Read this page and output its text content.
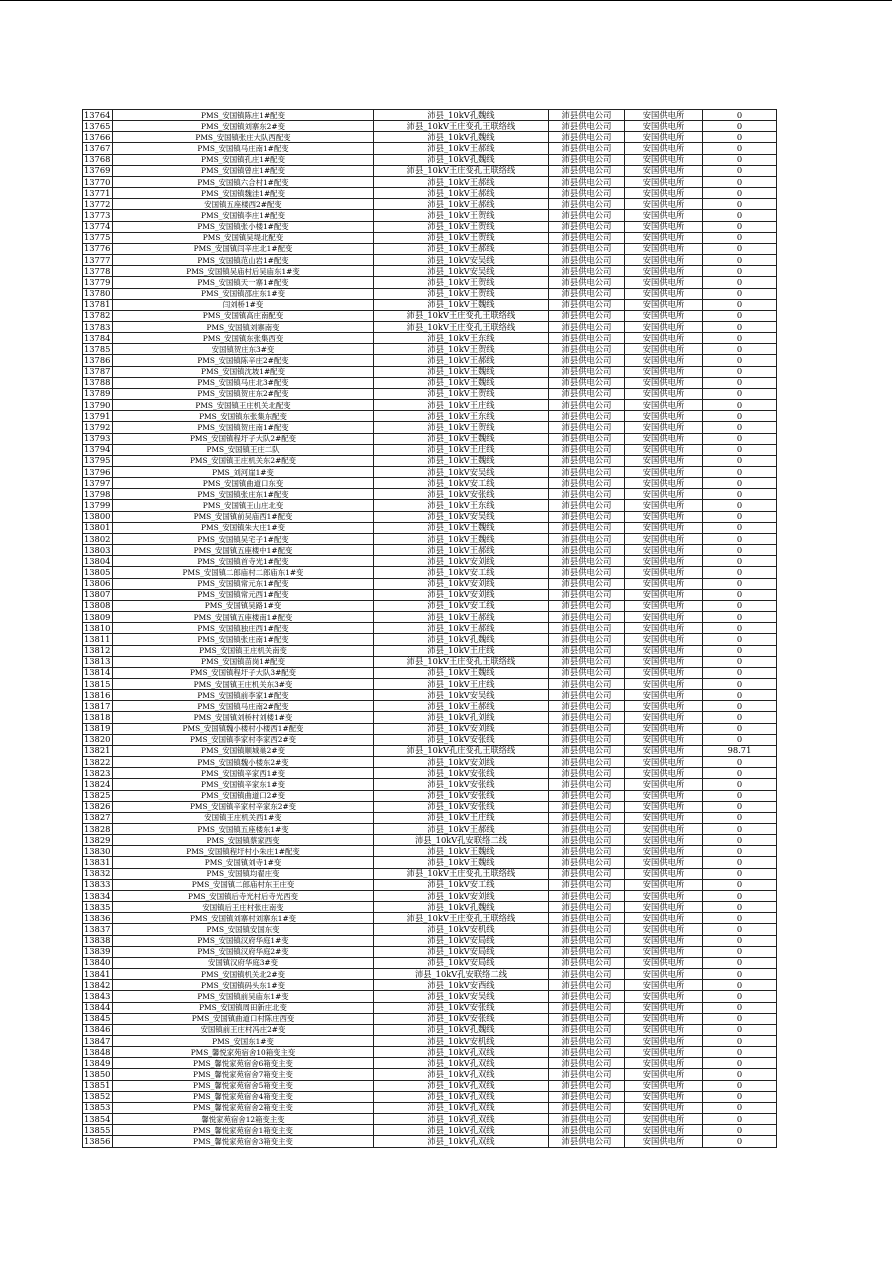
13764	PMS_安国镇陈庄1#配变	沛县_10kV孔魏线	沛县供电公司	安国供电所	0
13765	PMS_安国镇刘寨东2#变	沛县_10kV王庄变孔王联络线	沛县供电公司	安国供电所	0
13766	PMS_安国镇张庄大队西配变	沛县_10kV孔魏线	沛县供电公司	安国供电所	0
13767	PMS_安国镇马庄南1#配变	沛县_10kV王郝线	沛县供电公司	安国供电所	0
13768	PMS_安国镇孔庄1#配变	沛县_10kV孔魏线	沛县供电公司	安国供电所	0
13769	PMS_安国镇曾庄1#配变	沛县_10kV王庄变孔王联络线	沛县供电公司	安国供电所	0
13770	PMS_安国镇六合村1#配变	沛县_10kV王郝线	沛县供电公司	安国供电所	0
13771	PMS_安国镇魏洼1#配变	沛县_10kV王郝线	沛县供电公司	安国供电所	0
13772	安国镇五座楼西2#配变	沛县_10kV王郝线	沛县供电公司	安国供电所	0
13773	PMS_安国镇李庄1#配变	沛县_10kV王贺线	沛县供电公司	安国供电所	0
13774	PMS_安国镇张小楼1#配变	沛县_10kV王贺线	沛县供电公司	安国供电所	0
13775	PMS_安国镇吴堤北配变	沛县_10kV王贺线	沛县供电公司	安国供电所	0
13776	PMS_安国镇闫辛庄北1#配变	沛县_10kV王郝线	沛县供电公司	安国供电所	0
13777	PMS_安国镇范山岩1#配变	沛县_10kV安吴线	沛县供电公司	安国供电所	0
13778	PMS_安国镇吴庙村后吴庙东1#变	沛县_10kV安吴线	沛县供电公司	安国供电所	0
13779	PMS_安国镇天一寨1#配变	沛县_10kV王贺线	沛县供电公司	安国供电所	0
13780	PMS_安国镇邵庄东1#变	沛县_10kV王贺线	沛县供电公司	安国供电所	0
13781	闫刘桥1#变	沛县_10kV王魏线	沛县供电公司	安国供电所	0
13782	PMS_安国镇高庄南配变	沛县_10kV王庄变孔王联络线	沛县供电公司	安国供电所	0
13783	PMS_安国镇刘寨南变	沛县_10kV王庄变孔王联络线	沛县供电公司	安国供电所	0
13784	PMS_安国镇东张集西变	沛县_10kV王东线	沛县供电公司	安国供电所	0
13785	安国镇贺庄东3#变	沛县_10kV王贺线	沛县供电公司	安国供电所	0
13786	PMS_安国镇陈辛庄2#配变	沛县_10kV王郝线	沛县供电公司	安国供电所	0
13787	PMS_安国镇沈坡1#配变	沛县_10kV王魏线	沛县供电公司	安国供电所	0
13788	PMS_安国镇马庄北3#配变	沛县_10kV王魏线	沛县供电公司	安国供电所	0
13789	PMS_安国镇贺庄东2#配变	沛县_10kV王贺线	沛县供电公司	安国供电所	0
13790	PMS_安国镇王庄机关北配变	沛县_10kV王庄线	沛县供电公司	安国供电所	0
13791	PMS_安国镇东张集东配变	沛县_10kV王东线	沛县供电公司	安国供电所	0
13792	PMS_安国镇贺庄南1#配变	沛县_10kV王贺线	沛县供电公司	安国供电所	0
13793	PMS_安国镇程圩子大队2#配变	沛县_10kV王魏线	沛县供电公司	安国供电所	0
13794	PMS_安国镇王庄二队	沛县_10kV王庄线	沛县供电公司	安国供电所	0
13795	PMS_安国镇王庄机关东2#配变	沛县_10kV王魏线	沛县供电公司	安国供电所	0
13796	PMS_刘河崖1#变	沛县_10kV安吴线	沛县供电公司	安国供电所	0
13797	PMS_安国镇曲道口东变	沛县_10kV安工线	沛县供电公司	安国供电所	0
13798	PMS_安国镇张庄东1#配变	沛县_10kV安张线	沛县供电公司	安国供电所	0
13799	PMS_安国镇王山庄北变	沛县_10kV王东线	沛县供电公司	安国供电所	0
13800	PMS_安国镇前吴庙西1#配变	沛县_10kV安吴线	沛县供电公司	安国供电所	0
13801	PMS_安国镇朱大庄1#变	沛县_10kV王魏线	沛县供电公司	安国供电所	0
13802	PMS_安国镇吴宅子1#配变	沛县_10kV王魏线	沛县供电公司	安国供电所	0
13803	PMS_安国镇五座楼中1#配变	沛县_10kV王郝线	沛县供电公司	安国供电所	0
13804	PMS_安国镇首寺光1#配变	沛县_10kV安刘线	沛县供电公司	安国供电所	0
13805	PMS_安国镇二郎庙村二郎庙东1#变	沛县_10kV安工线	沛县供电公司	安国供电所	0
13806	PMS_安国镇常元东1#配变	沛县_10kV安刘线	沛县供电公司	安国供电所	0
13807	PMS_安国镇常元西1#配变	沛县_10kV安刘线	沛县供电公司	安国供电所	0
13808	PMS_安国镇吴路1#变	沛县_10kV安工线	沛县供电公司	安国供电所	0
13809	PMS_安国镇五座楼南1#配变	沛县_10kV王郝线	沛县供电公司	安国供电所	0
13810	PMS_安国镇独庄西1#配变	沛县_10kV王郝线	沛县供电公司	安国供电所	0
13811	PMS_安国镇张庄南1#配变	沛县_10kV孔魏线	沛县供电公司	安国供电所	0
13812	PMS_安国镇王庄机关南变	沛县_10kV王庄线	沛县供电公司	安国供电所	0
13813	PMS_安国镇苗岗1#配变	沛县_10kV王庄变孔王联络线	沛县供电公司	安国供电所	0
13814	PMS_安国镇程圩子大队3#配变	沛县_10kV王魏线	沛县供电公司	安国供电所	0
13815	PMS_安国镇王庄机关东3#变	沛县_10kV王庄线	沛县供电公司	安国供电所	0
13816	PMS_安国镇前李家1#配变	沛县_10kV安吴线	沛县供电公司	安国供电所	0
13817	PMS_安国镇马庄南2#配变	沛县_10kV王郝线	沛县供电公司	安国供电所	0
13818	PMS_安国镇刘桥村刘楼1#变	沛县_10kV孔刘线	沛县供电公司	安国供电所	0
13819	PMS_安国镇魏小楼村小楼西1#配变	沛县_10kV安刘线	沛县供电公司	安国供电所	0
13820	PMS_安国镇李家村李家西2#变	沛县_10kV安张线	沛县供电公司	安国供电所	0
13821	PMS_安国镇顺城巢2#变	沛县_10kV孔庄变孔王联络线	沛县供电公司	安国供电所	98.71
13822	PMS_安国镇魏小楼东2#变	沛县_10kV安刘线	沛县供电公司	安国供电所	0
13823	PMS_安国镇辛家西1#变	沛县_10kV安张线	沛县供电公司	安国供电所	0
13824	PMS_安国镇辛家东1#变	沛县_10kV安张线	沛县供电公司	安国供电所	0
13825	PMS_安国镇曲道口2#变	沛县_10kV安张线	沛县供电公司	安国供电所	0
13826	PMS_安国镇辛家村辛家东2#变	沛县_10kV安张线	沛县供电公司	安国供电所	0
13827	安国镇王庄机关西1#变	沛县_10kV王庄线	沛县供电公司	安国供电所	0
13828	PMS_安国镇五座楼东1#变	沛县_10kV王郝线	沛县供电公司	安国供电所	0
13829	PMS_安国镇蔡家西变	沛县_10kV孔安联络二线	沛县供电公司	安国供电所	0
13830	PMS_安国镇程圩村小朱庄1#配变	沛县_10kV王魏线	沛县供电公司	安国供电所	0
13831	PMS_安国镇刘寺1#变	沛县_10kV王魏线	沛县供电公司	安国供电所	0
13832	PMS_安国镇均翟庄变	沛县_10kV王庄变孔王联络线	沛县供电公司	安国供电所	0
13833	PMS_安国镇二郎庙村东王庄变	沛县_10kV安工线	沛县供电公司	安国供电所	0
13834	PMS_安国镇后寺光村后寺光西变	沛县_10kV安刘线	沛县供电公司	安国供电所	0
13835	安国镇后王庄村张庄南变	沛县_10kV孔魏线	沛县供电公司	安国供电所	0
13836	PMS_安国镇刘寨村刘寨东1#变	沛县_10kV王庄变孔王联络线	沛县供电公司	安国供电所	0
13837	PMS_安国镇安国东变	沛县_10kV安机线	沛县供电公司	安国供电所	0
13838	PMS_安国镇汉府华庭1#变	沛县_10kV安局线	沛县供电公司	安国供电所	0
13839	PMS_安国镇汉府华庭2#变	沛县_10kV安局线	沛县供电公司	安国供电所	0
13840	安国镇汉府华庭3#变	沛县_10kV安局线	沛县供电公司	安国供电所	0
13841	PMS_安国镇机关北2#变	沛县_10kV孔安联络二线	沛县供电公司	安国供电所	0
13842	PMS_安国镇码头东1#变	沛县_10kV安西线	沛县供电公司	安国供电所	0
13843	PMS_安国镇前吴庙东1#变	沛县_10kV安吴线	沛县供电公司	安国供电所	0
13844	PMS_安国镇周田新庄北变	沛县_10kV安张线	沛县供电公司	安国供电所	0
13845	PMS_安国镇曲道口村陈庄西变	沛县_10kV安张线	沛县供电公司	安国供电所	0
13846	安国镇前王庄村冯庄2#变	沛县_10kV孔魏线	沛县供电公司	安国供电所	0
13847	PMS_安国东1#变	沛县_10kV安机线	沛县供电公司	安国供电所	0
13848	PMS_馨悦家苑宿舍10箱变主变	沛县_10kV孔双线	沛县供电公司	安国供电所	0
13849	PMS_馨悦家苑宿舍6箱变主变	沛县_10kV孔双线	沛县供电公司	安国供电所	0
13850	PMS_馨悦家苑宿舍7箱变主变	沛县_10kV孔双线	沛县供电公司	安国供电所	0
13851	PMS_馨悦家苑宿舍5箱变主变	沛县_10kV孔双线	沛县供电公司	安国供电所	0
13852	PMS_馨悦家苑宿舍4箱变主变	沛县_10kV孔双线	沛县供电公司	安国供电所	0
13853	PMS_馨悦家苑宿舍2箱变主变	沛县_10kV孔双线	沛县供电公司	安国供电所	0
13854	馨悦家苑宿舍12箱变主变	沛县_10kV孔双线	沛县供电公司	安国供电所	0
13855	PMS_馨悦家苑宿舍1箱变主变	沛县_10kV孔双线	沛县供电公司	安国供电所	0
13856	PMS_馨悦家苑宿舍3箱变主变	沛县_10kV孔双线	沛县供电公司	安国供电所	0
